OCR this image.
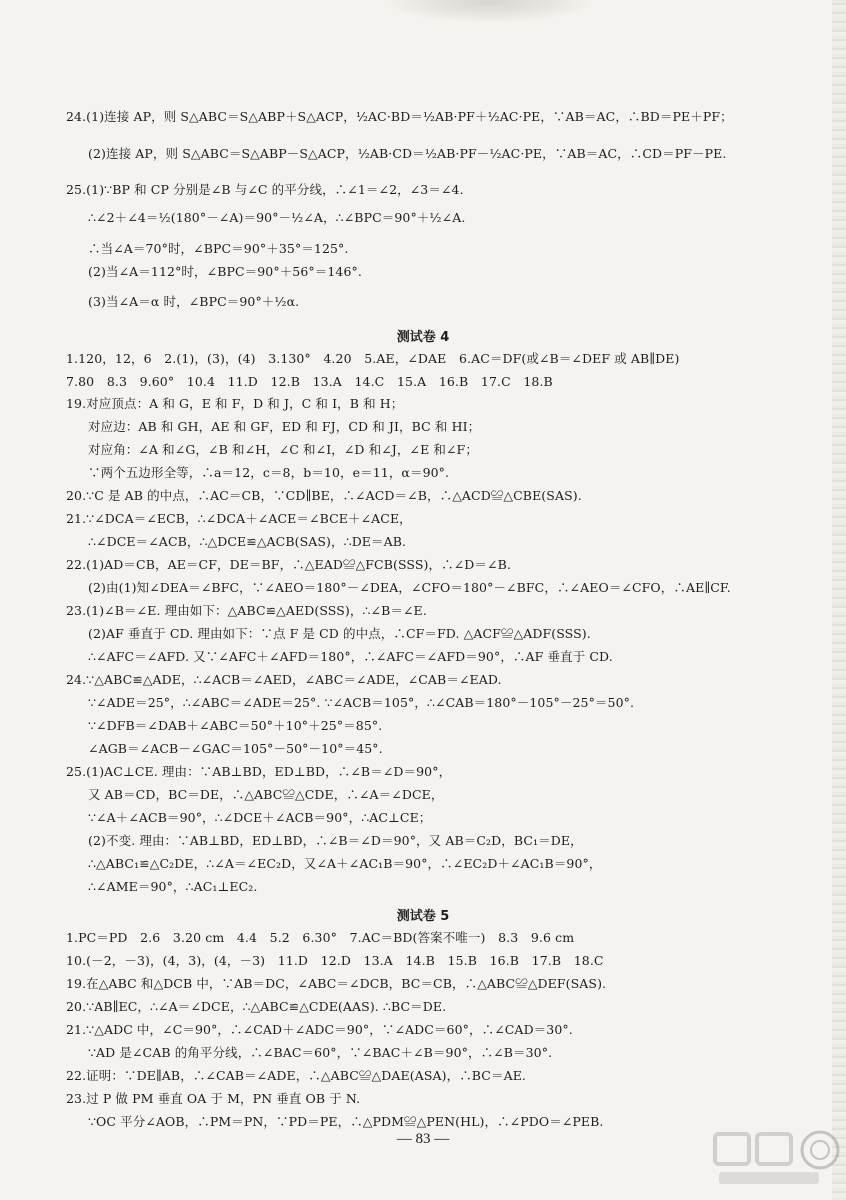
24.(1)连接 AP，则 S△ABC＝S△ABP＋S△ACP，½AC·BD＝½AB·PF＋½AC·PE，∵AB＝AC，∴BD＝PE＋PF；
(2)连接 AP，则 S△ABC＝S△ABP－S△ACP，½AB·CD＝½AB·PF－½AC·PE，∵AB＝AC，∴CD＝PF－PE.
25.(1)∵BP 和 CP 分别是∠B 与∠C 的平分线，∴∠1＝∠2，∠3＝∠4.
∴∠2＋∠4＝½(180°－∠A)＝90°－½∠A，∴∠BPC＝90°＋½∠A.
∴当∠A＝70°时，∠BPC＝90°＋35°＝125°.
(2)当∠A＝112°时，∠BPC＝90°＋56°＝146°.
(3)当∠A＝α 时，∠BPC＝90°＋½α.
测试卷 4
1.120，12，6　2.(1)，(3)，(4)　3.130°　4.20　5.AE，∠DAE　6.AC＝DF(或∠B＝∠DEF 或 AB∥DE)
7.80　8.3　9.60°　10.4　11.D　12.B　13.A　14.C　15.A　16.B　17.C　18.B
19.对应顶点：A 和 G，E 和 F，D 和 J，C 和 I，B 和 H；
对应边：AB 和 GH，AE 和 GF，ED 和 FJ，CD 和 JI，BC 和 HI；
对应角：∠A 和∠G，∠B 和∠H，∠C 和∠I，∠D 和∠J，∠E 和∠F；
∵两个五边形全等，∴a＝12，c＝8，b＝10，e＝11，α＝90°.
20.∵C 是 AB 的中点，∴AC＝CB，∵CD∥BE，∴∠ACD＝∠B，∴△ACD≌△CBE(SAS).
21.∵∠DCA＝∠ECB，∴∠DCA＋∠ACE＝∠BCE＋∠ACE，
∴∠DCE＝∠ACB，∴△DCE≌△ACB(SAS)，∴DE＝AB.
22.(1)AD＝CB，AE＝CF，DE＝BF，∴△EAD≌△FCB(SSS)，∴∠D＝∠B.
(2)由(1)知∠DEA＝∠BFC，∵∠AEO＝180°－∠DEA，∠CFO＝180°－∠BFC，∴∠AEO＝∠CFO，∴AE∥CF.
23.(1)∠B＝∠E. 理由如下：△ABC≌△AED(SSS)，∴∠B＝∠E.
(2)AF 垂直于 CD. 理由如下：∵点 F 是 CD 的中点，∴CF＝FD. △ACF≌△ADF(SSS).
∴∠AFC＝∠AFD. 又∵∠AFC＋∠AFD＝180°，∴∠AFC＝∠AFD＝90°，∴AF 垂直于 CD.
24.∵△ABC≌△ADE，∴∠ACB＝∠AED，∠ABC＝∠ADE，∠CAB＝∠EAD.
∵∠ADE＝25°，∴∠ABC＝∠ADE＝25°. ∵∠ACB＝105°，∴∠CAB＝180°－105°－25°＝50°.
∵∠DFB＝∠DAB＋∠ABC＝50°＋10°＋25°＝85°.
∠AGB＝∠ACB－∠GAC＝105°－50°－10°＝45°.
25.(1)AC⊥CE. 理由：∵AB⊥BD，ED⊥BD，∴∠B＝∠D＝90°，
又 AB＝CD，BC＝DE，∴△ABC≌△CDE，∴∠A＝∠DCE，
∵∠A＋∠ACB＝90°，∴∠DCE＋∠ACB＝90°，∴AC⊥CE；
(2)不变. 理由：∵AB⊥BD，ED⊥BD，∴∠B＝∠D＝90°，又 AB＝C₂D，BC₁＝DE，
∴△ABC₁≌△C₂DE，∴∠A＝∠EC₂D，又∠A＋∠AC₁B＝90°，∴∠EC₂D＋∠AC₁B＝90°，
∴∠AME＝90°，∴AC₁⊥EC₂.
测试卷 5
1.PC＝PD　2.6　3.20 cm　4.4　5.2　6.30°　7.AC＝BD(答案不唯一)　8.3　9.6 cm
10.(－2，－3)，(4，3)，(4，－3)　11.D　12.D　13.A　14.B　15.B　16.B　17.B　18.C
19.在△ABC 和△DCB 中，∵AB＝DC，∠ABC＝∠DCB，BC＝CB，∴△ABC≌△DEF(SAS).
20.∵AB∥EC，∴∠A＝∠DCE，∴△ABC≌△CDE(AAS). ∴BC＝DE.
21.∵△ADC 中，∠C＝90°，∴∠CAD＋∠ADC＝90°，∵∠ADC＝60°，∴∠CAD＝30°.
∵AD 是∠CAB 的角平分线，∴∠BAC＝60°，∵∠BAC＋∠B＝90°，∴∠B＝30°.
22.证明：∵DE∥AB，∴∠CAB＝∠ADE，∴△ABC≌△DAE(ASA)，∴BC＝AE.
23.过 P 做 PM 垂直 OA 于 M，PN 垂直 OB 于 N.
∵OC 平分∠AOB，∴PM＝PN，∵PD＝PE，∴△PDM≌△PEN(HL)，∴∠PDO＝∠PEB.
— 83 —
